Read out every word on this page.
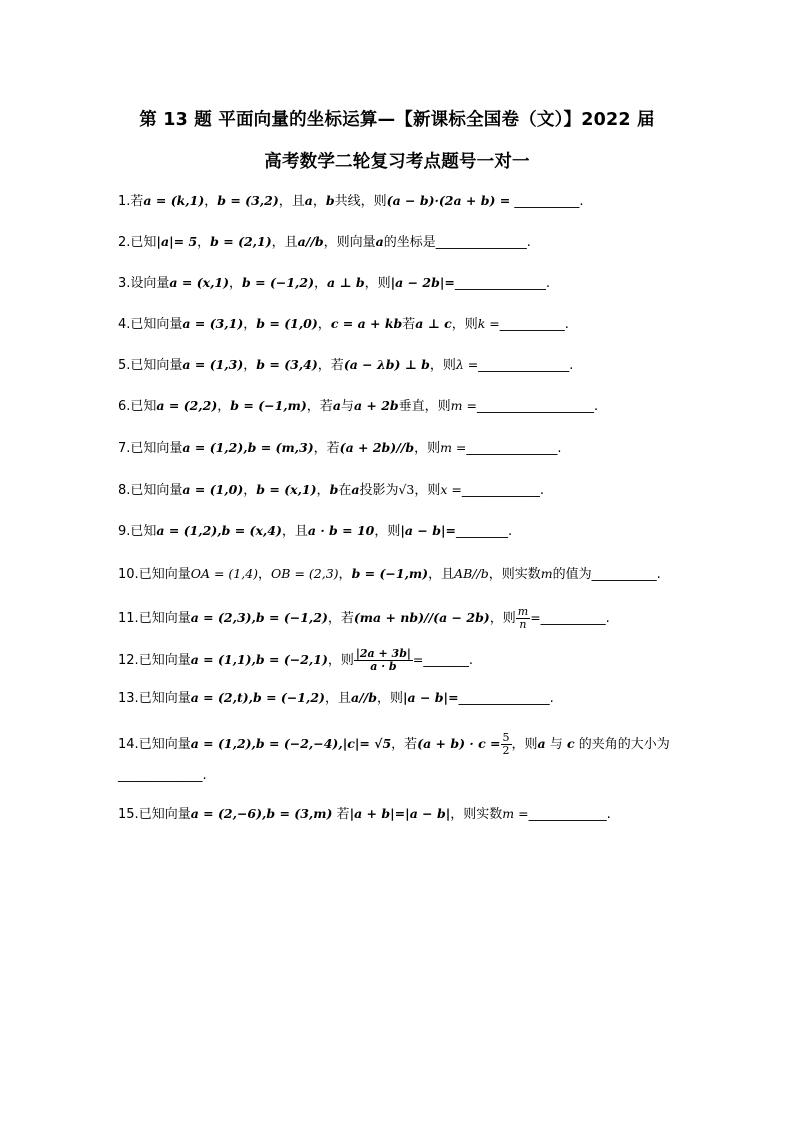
第 13 题 平面向量的坐标运算—【新课标全国卷（文）】2022 届
高考数学二轮复习考点题号一对一
1.若a = (k,1)，b = (3,2)，且a，b共线，则(a − b)·(2a + b) = __________.
2.已知|a|= 5，b = (2,1)，且a//b，则向量a的坐标是______________.
3.设向量a = (x,1)，b = (−1,2)，a ⊥ b，则|a − 2b|=______________.
4.已知向量a = (3,1)，b = (1,0)，c = a + kb若a ⊥ c，则k =__________.
5.已知向量a = (1,3)，b = (3,4)，若(a − λb) ⊥ b，则λ =______________.
6.已知a = (2,2)，b = (−1,m)，若a与a + 2b垂直，则m =__________________.
7.已知向量a = (1,2),b = (m,3)，若(a + 2b)//b，则m =______________.
8.已知向量a = (1,0)，b = (x,1)，b在a投影为√3，则x =____________.
9.已知a = (1,2),b = (x,4)，且a · b = 10，则|a − b|=________.
10.已知向量OA = (1,4)，OB = (2,3)，b = (−1,m)，且AB//b，则实数m的值为__________.
11.已知向量a = (2,3),b = (−1,2)，若(ma + nb)//(a − 2b)，则 $\frac{m}{n}$ =__________.
12.已知向量a = (1,1),b = (−2,1)，则 $\frac{|2a + 3b|}{a \cdot b}$ =_______.
13.已知向量a = (2,t),b = (−1,2)，且a//b，则|a − b|=______________.
14.已知向量a = (1,2),b = (−2,−4),|c|= √5，若$(a + b) \cdot c = \frac{5}{2}$ ，则a 与 c 的夹角的大小为
_____________.
15.已知向量a = (2,−6),b = (3,m) 若|a + b|=|a − b|，则实数m =____________.
